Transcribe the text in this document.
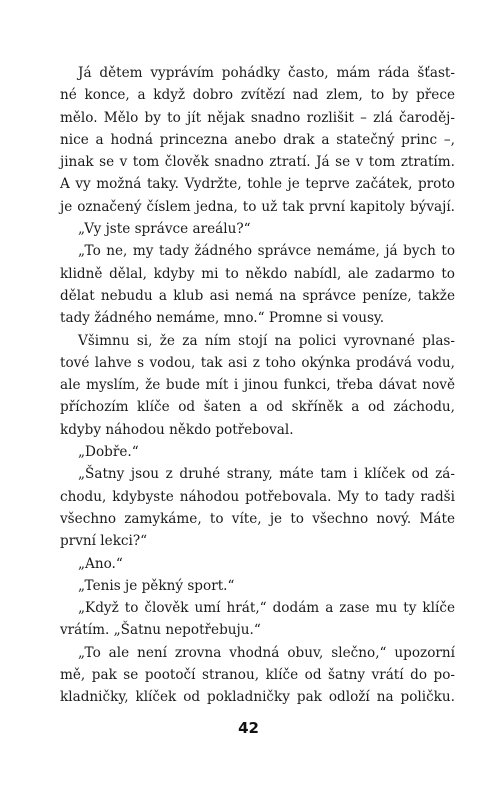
Já dětem vyprávím pohádky často, mám ráda šťast-
né konce, a když dobro zvítězí nad zlem, to by přece
mělo. Mělo by to jít nějak snadno rozlišit – zlá čaroděj-
nice a hodná princezna anebo drak a statečný princ –,
jinak se v tom člověk snadno ztratí. Já se v tom ztratím.
A vy možná taky. Vydržte, tohle je teprve začátek, proto
je označený číslem jedna, to už tak první kapitoly bývají.
„Vy jste správce areálu?“
„To ne, my tady žádného správce nemáme, já bych to
klidně dělal, kdyby mi to někdo nabídl, ale zadarmo to
dělat nebudu a klub asi nemá na správce peníze, takže
tady žádného nemáme, mno.“ Promne si vousy.
Všimnu si, že za ním stojí na polici vyrovnané plas-
tové lahve s vodou, tak asi z toho okýnka prodává vodu,
ale myslím, že bude mít i jinou funkci, třeba dávat nově
příchozím klíče od šaten a od skříněk a od záchodu,
kdyby náhodou někdo potřeboval.
„Dobře.“
„Šatny jsou z druhé strany, máte tam i klíček od zá-
chodu, kdybyste náhodou potřebovala. My to tady radši
všechno zamykáme, to víte, je to všechno nový. Máte
první lekci?“
„Ano.“
„Tenis je pěkný sport.“
„Když to člověk umí hrát,“ dodám a zase mu ty klíče
vrátím. „Šatnu nepotřebuju.“
„To ale není zrovna vhodná obuv, slečno,“ upozorní
mě, pak se pootočí stranou, klíče od šatny vrátí do po-
kladničky, klíček od pokladničky pak odloží na poličku.
42
